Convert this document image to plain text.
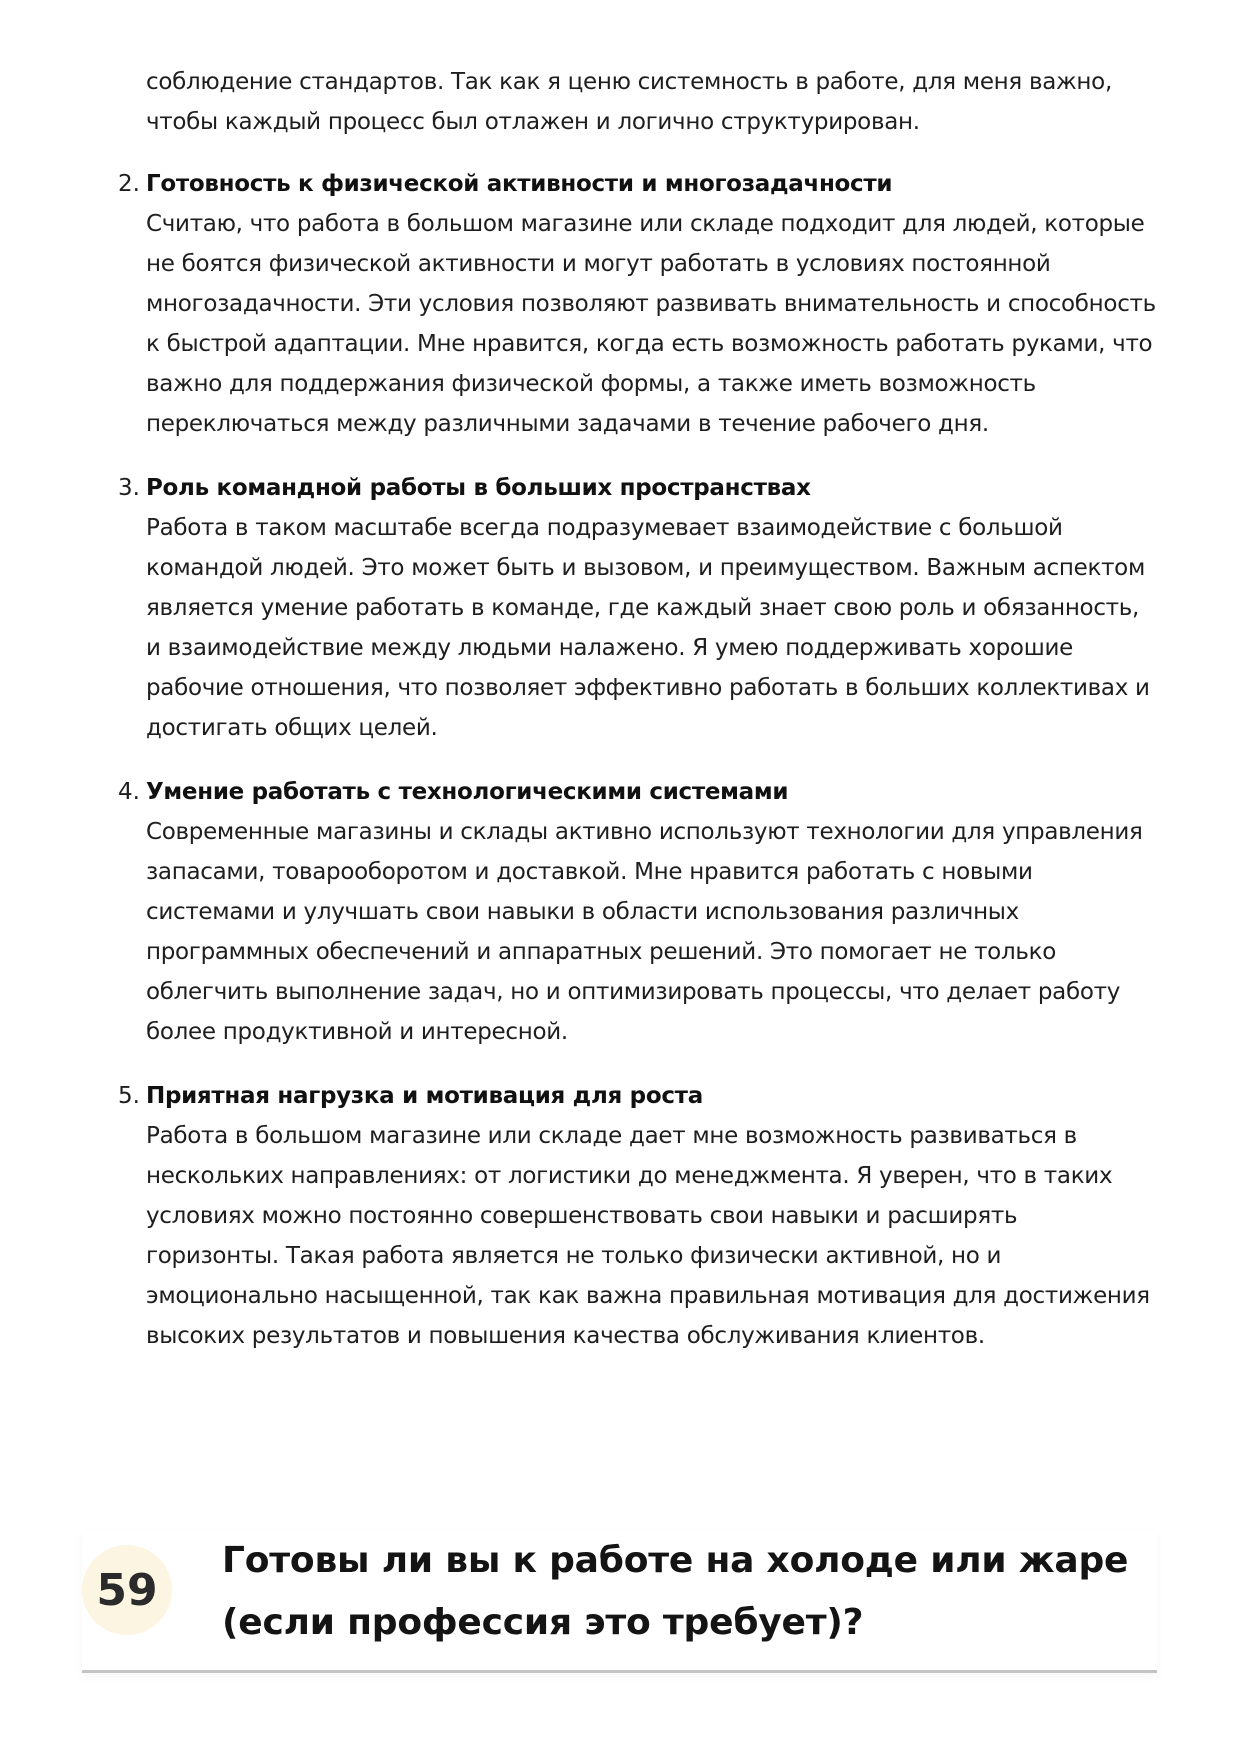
соблюдение стандартов. Так как я ценю системность в работе, для меня важно, чтобы каждый процесс был отлажен и логично структурирован.

2. Готовность к физической активности и многозадачности

Считаю, что работа в большом магазине или складе подходит для людей, которые не боятся физической активности и могут работать в условиях постоянной многозадачности. Эти условия позволяют развивать внимательность и способность к быстрой адаптации. Мне нравится, когда есть возможность работать руками, что важно для поддержания физической формы, а также иметь возможность переключаться между различными задачами в течение рабочего дня.

3. Роль командной работы в больших пространствах

Работа в таком масштабе всегда подразумевает взаимодействие с большой командой людей. Это может быть и вызовом, и преимуществом. Важным аспектом является умение работать в команде, где каждый знает свою роль и обязанность, и взаимодействие между людьми налажено. Я умею поддерживать хорошие рабочие отношения, что позволяет эффективно работать в больших коллективах и достигать общих целей.

4. Умение работать с технологическими системами

Современные магазины и склады активно используют технологии для управления запасами, товарооборотом и доставкой. Мне нравится работать с новыми системами и улучшать свои навыки в области использования различных программных обеспечений и аппаратных решений. Это помогает не только облегчить выполнение задач, но и оптимизировать процессы, что делает работу более продуктивной и интересной.

5. Приятная нагрузка и мотивация для роста

Работа в большом магазине или складе дает мне возможность развиваться в нескольких направлениях: от логистики до менеджмента. Я уверен, что в таких условиях можно постоянно совершенствовать свои навыки и расширять горизонты. Такая работа является не только физически активной, но и эмоционально насыщенной, так как важна правильная мотивация для достижения высоких результатов и повышения качества обслуживания клиентов.

59
Готовы ли вы к работе на холоде или жаре (если профессия это требует)?
